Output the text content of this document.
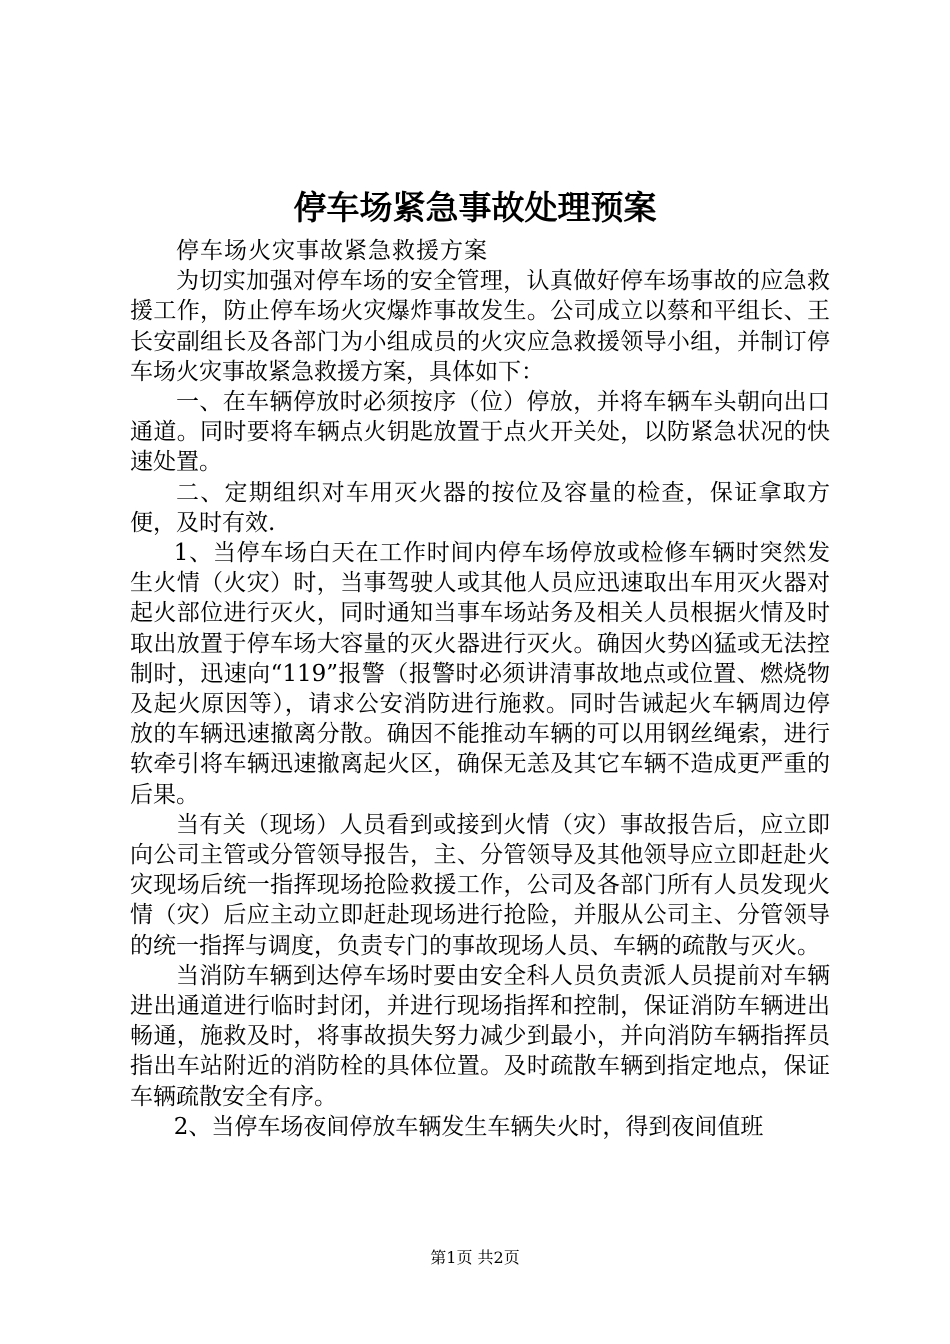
停车场紧急事故处理预案

停车场火灾事故紧急救援方案

为切实加强对停车场的安全管理，认真做好停车场事故的应急救援工作，防止停车场火灾爆炸事故发生。公司成立以蔡和平组长、王长安副组长及各部门为小组成员的火灾应急救援领导小组，并制订停车场火灾事故紧急救援方案，具体如下：

一、在车辆停放时必须按序（位）停放，并将车辆车头朝向出口通道。同时要将车辆点火钥匙放置于点火开关处，以防紧急状况的快速处置。

二、定期组织对车用灭火器的按位及容量的检查，保证拿取方便，及时有效.

1、当停车场白天在工作时间内停车场停放或检修车辆时突然发生火情（火灾）时，当事驾驶人或其他人员应迅速取出车用灭火器对起火部位进行灭火，同时通知当事车场站务及相关人员根据火情及时取出放置于停车场大容量的灭火器进行灭火。确因火势凶猛或无法控制时，迅速向“119”报警（报警时必须讲清事故地点或位置、燃烧物及起火原因等），请求公安消防进行施救。同时告诫起火车辆周边停放的车辆迅速撤离分散。确因不能推动车辆的可以用钢丝绳索，进行软牵引将车辆迅速撤离起火区，确保无恙及其它车辆不造成更严重的后果。

当有关（现场）人员看到或接到火情（灾）事故报告后，应立即向公司主管或分管领导报告，主、分管领导及其他领导应立即赶赴火灾现场后统一指挥现场抢险救援工作，公司及各部门所有人员发现火情（灾）后应主动立即赶赴现场进行抢险，并服从公司主、分管领导的统一指挥与调度，负责专门的事故现场人员、车辆的疏散与灭火。

当消防车辆到达停车场时要由安全科人员负责派人员提前对车辆进出通道进行临时封闭，并进行现场指挥和控制，保证消防车辆进出畅通，施救及时，将事故损失努力减少到最小，并向消防车辆指挥员指出车站附近的消防栓的具体位置。及时疏散车辆到指定地点，保证车辆疏散安全有序。

2、当停车场夜间停放车辆发生车辆失火时，得到夜间值班

第1页 共2页
